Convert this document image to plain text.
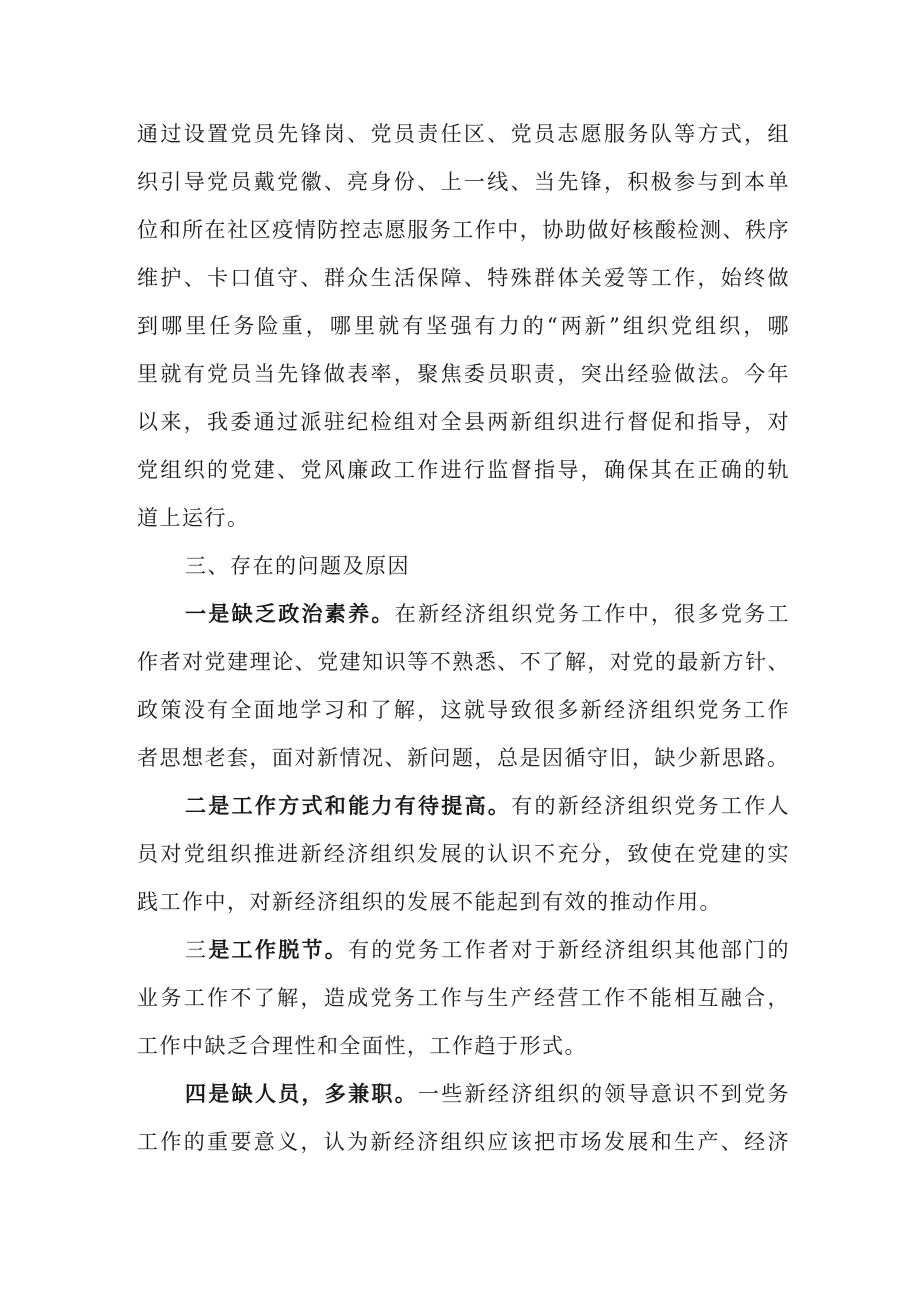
通过设置党员先锋岗、党员责任区、党员志愿服务队等方式，组
织引导党员戴党徽、亮身份、上一线、当先锋，积极参与到本单
位和所在社区疫情防控志愿服务工作中，协助做好核酸检测、秩序
维护、卡口值守、群众生活保障、特殊群体关爱等工作，始终做
到哪里任务险重，哪里就有坚强有力的“两新”组织党组织，哪
里就有党员当先锋做表率，聚焦委员职责，突出经验做法。今年
以来，我委通过派驻纪检组对全县两新组织进行督促和指导，对
党组织的党建、党风廉政工作进行监督指导，确保其在正确的轨
道上运行。
三、存在的问题及原因
一是缺乏政治素养。在新经济组织党务工作中，很多党务工
作者对党建理论、党建知识等不熟悉、不了解，对党的最新方针、
政策没有全面地学习和了解，这就导致很多新经济组织党务工作
者思想老套，面对新情况、新问题，总是因循守旧，缺少新思路。
二是工作方式和能力有待提高。有的新经济组织党务工作人
员对党组织推进新经济组织发展的认识不充分，致使在党建的实
践工作中，对新经济组织的发展不能起到有效的推动作用。
三是工作脱节。有的党务工作者对于新经济组织其他部门的
业务工作不了解，造成党务工作与生产经营工作不能相互融合，
工作中缺乏合理性和全面性，工作趋于形式。
四是缺人员，多兼职。一些新经济组织的领导意识不到党务
工作的重要意义，认为新经济组织应该把市场发展和生产、经济
